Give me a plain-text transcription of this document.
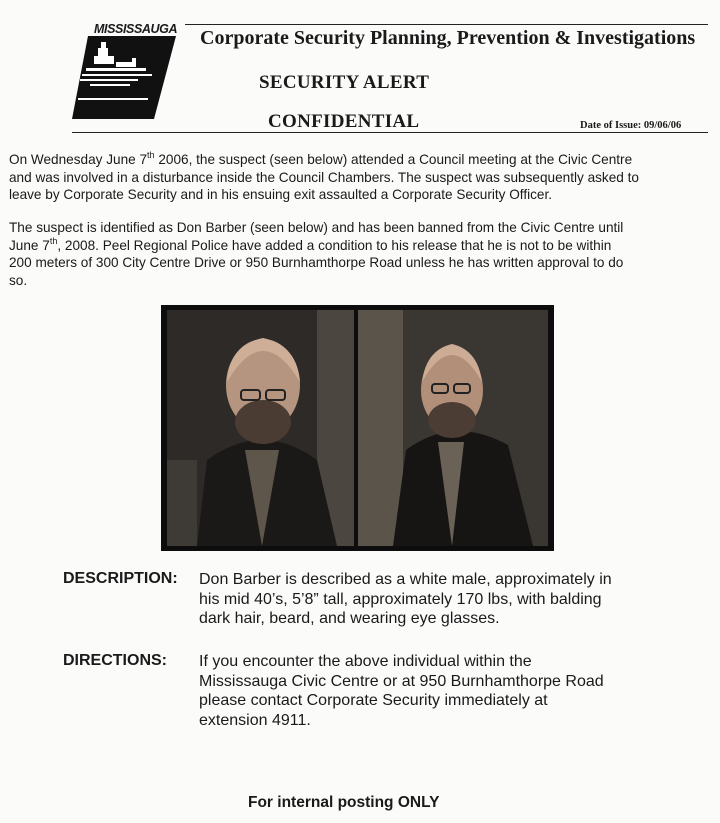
MISSISSAUGA Corporate Security Planning, Prevention & Investigations
SECURITY ALERT
CONFIDENTIAL	Date of Issue: 09/06/06

On Wednesday June 7th 2006, the suspect (seen below) attended a Council meeting at the Civic Centre

and was involved in a disturbance inside the Council Chambers. The suspect was subsequently asked to

leave by Corporate Security and in his ensuing exit assaulted a Corporate Security Officer.

The suspect is identified as Don Barber (seen below) and has been banned from the Civic Centre until

June 7th, 2008. Peel Regional Police have added a condition to his release that he is not to be within

200 meters of 300 City Centre Drive or 950 Burnhamthorpe Road unless he has written approval to do

so.

DESCRIPTION: Don Barber is described as a white male, approximately in

his mid 40’s, 5’8” tall, approximately 170 lbs, with balding

dark hair, beard, and wearing eye glasses.

DIRECTIONS: If you encounter the above individual within the

Mississauga Civic Centre or at 950 Burnhamthorpe Road

please contact Corporate Security immediately at

extension 4911.

For internal posting ONLY
